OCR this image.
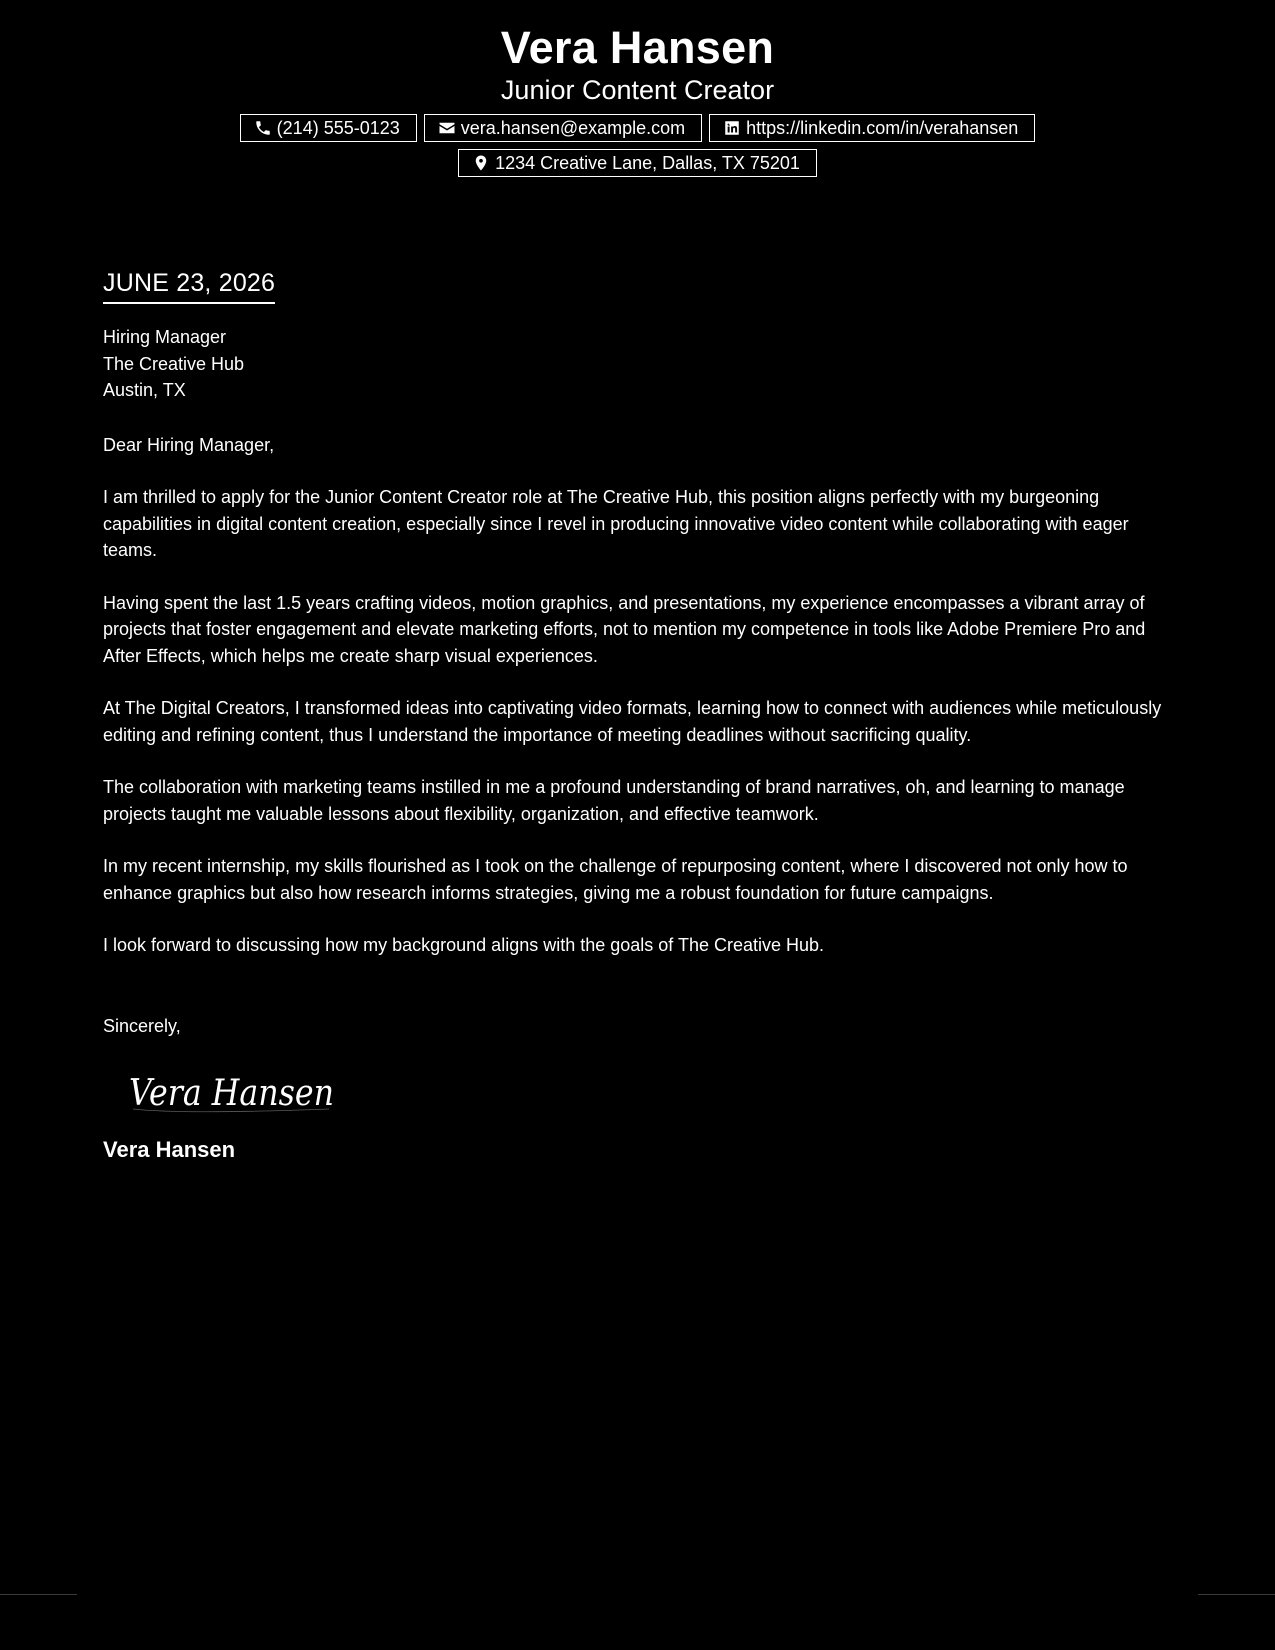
Vera Hansen
Junior Content Creator
(214) 555-0123	vera.hansen@example.com	https://linkedin.com/in/verahansen
1234 Creative Lane, Dallas, TX 75201
JUNE 23, 2026
Hiring Manager
The Creative Hub
Austin, TX
Dear Hiring Manager,

I am thrilled to apply for the Junior Content Creator role at The Creative Hub, this position aligns perfectly with my burgeoning capabilities in digital content creation, especially since I revel in producing innovative video content while collaborating with eager teams.

Having spent the last 1.5 years crafting videos, motion graphics, and presentations, my experience encompasses a vibrant array of projects that foster engagement and elevate marketing efforts, not to mention my competence in tools like Adobe Premiere Pro and After Effects, which helps me create sharp visual experiences.

At The Digital Creators, I transformed ideas into captivating video formats, learning how to connect with audiences while meticulously editing and refining content, thus I understand the importance of meeting deadlines without sacrificing quality.

The collaboration with marketing teams instilled in me a profound understanding of brand narratives, oh, and learning to manage projects taught me valuable lessons about flexibility, organization, and effective teamwork.

In my recent internship, my skills flourished as I took on the challenge of repurposing content, where I discovered not only how to enhance graphics but also how research informs strategies, giving me a robust foundation for future campaigns.

I look forward to discussing how my background aligns with the goals of The Creative Hub.

Sincerely,
Vera Hansen
Vera Hansen
